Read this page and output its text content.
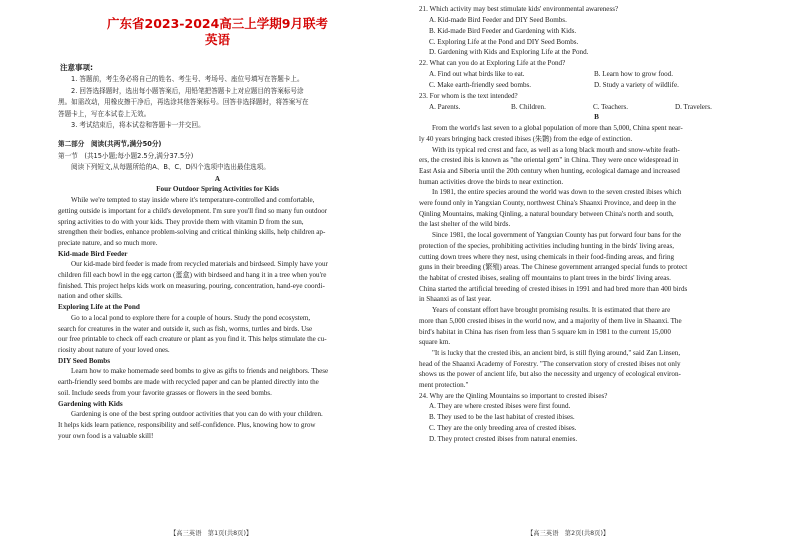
广东省2023-2024高三上学期9月联考
英语
注意事项:
1. 答题前，考生务必将自己的姓名、考生号、考场号、座位号填写在答题卡上。
2. 回答选择题时，选出每小题答案后，用铅笔把答题卡上对应题目的答案标号涂
黑。如需改动，用橡皮擦干净后，再选涂其他答案标号。回答非选择题时，将答案写在
答题卡上，写在本试卷上无效。
3. 考试结束后，将本试卷和答题卡一并交回。
第二部分　阅读(共两节,满分50分)
第一节　(共15小题;每小题2.5分,满分37.5分)
阅读下列短文,从每题所给的A、B、C、D四个选项中选出最佳选项。
A
Four Outdoor Spring Activities for Kids

While we're tempted to stay inside where it's temperature-controlled and comfortable,

getting outside is important for a child's development. I'm sure you'll find so many fun outdoor

spring activities to do with your kids. They provide them with vitamin D from the sun,

strengthen their bodies, enhance problem-solving and critical thinking skills, help children ap-

preciate nature, and so much more.

Kid-made Bird Feeder

Our kid-made bird feeder is made from recycled materials and birdseed. Simply have your

children fill each bowl in the egg carton (蛋盒) with birdseed and hang it in a tree when you're

finished. This project helps kids work on measuring, pouring, concentration, hand-eye coordi-

nation and other skills.

Exploring Life at the Pond

Go to a local pond to explore there for a couple of hours. Study the pond ecosystem,

search for creatures in the water and outside it, such as fish, worms, turtles and birds. Use

our free printable to check off each creature or plant as you find it. This helps stimulate the cu-

riosity about nature of your loved ones.

DIY Seed Bombs

Learn how to make homemade seed bombs to give as gifts to friends and neighbors. These

earth-friendly seed bombs are made with recycled paper and can be planted directly into the

soil. Include seeds from your favorite grasses or flowers in the seed bombs.

Gardening with Kids

Gardening is one of the best spring outdoor activities that you can do with your children.

It helps kids learn patience, responsibility and self-confidence. Plus, knowing how to grow

your own food is a valuable skill!

【高三英语　第1页(共8页)】
21. Which activity may best stimulate kids' environmental awareness?
A. Kid-made Bird Feeder and DIY Seed Bombs.
B. Kid-made Bird Feeder and Gardening with Kids.
C. Exploring Life at the Pond and DIY Seed Bombs.
D. Gardening with Kids and Exploring Life at the Pond.
22. What can you do at Exploring Life at the Pond?
A. Find out what birds like to eat.	B. Learn how to grow food.
C. Make earth-friendly seed bombs.	D. Study a variety of wildlife.
23. For whom is the text intended?
A. Parents.	B. Children.	C. Teachers.	D. Travelers.
B

From the world's last seven to a global population of more than 5,000, China spent near-

ly 40 years bringing back crested ibises (朱鹮) from the edge of extinction.

With its typical red crest and face, as well as a long black mouth and snow-white feath-

ers, the crested ibis is known as "the oriental gem" in China. They were once widespread in

East Asia and Siberia until the 20th century when hunting, ecological damage and increased

human activities drove the birds to near extinction.

In 1981, the entire species around the world was down to the seven crested ibises which

were found only in Yangxian County, northwest China's Shaanxi Province, and deep in the

Qinling Mountains, making Qinling, a natural boundary between China's north and south,

the last shelter of the wild birds.

Since 1981, the local government of Yangxian County has put forward four bans for the

protection of the species, prohibiting activities including hunting in the birds' living areas,

cutting down trees where they nest, using chemicals in their food-finding areas, and firing

guns in their breeding (繁殖) areas. The Chinese government arranged special funds to protect

the habitat of crested ibises, sealing off mountains to plant trees in the birds' living areas.

China started the artificial breeding of crested ibises in 1991 and had bred more than 400 birds

in Shaanxi as of last year.

Years of constant effort have brought promising results. It is estimated that there are

more than 5,000 crested ibises in the world now, and a majority of them live in Shaanxi. The

bird's habitat in China has risen from less than 5 square km in 1981 to the current 15,000

square km.

"It is lucky that the crested ibis, an ancient bird, is still flying around," said Zan Linsen,

head of the Shaanxi Academy of Forestry. "The conservation story of crested ibises not only

shows us the power of ancient life, but also the necessity and urgency of ecological environ-

ment protection."

24. Why are the Qinling Mountains so important to crested ibises?
A. They are where crested ibises were first found.
B. They used to be the last habitat of crested ibises.
C. They are the only breeding area of crested ibises.
D. They protect crested ibises from natural enemies.
【高三英语　第2页(共8页)】
